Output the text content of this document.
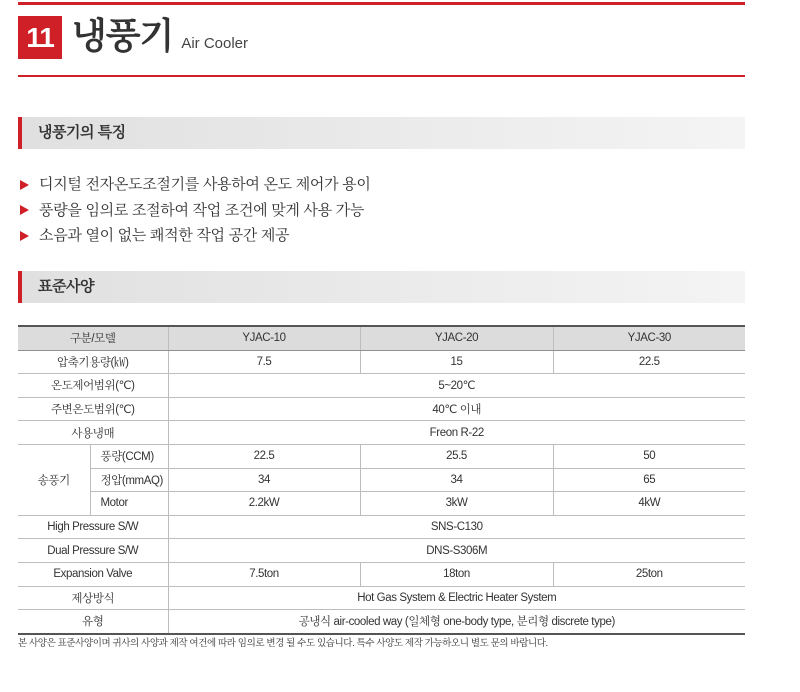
11 냉풍기 Air Cooler
냉풍기의 특징
디지털 전자온도조절기를 사용하여 온도 제어가 용이
풍량을 임의로 조절하여 작업 조건에 맞게 사용 가능
소음과 열이 없는 쾌적한 작업 공간 제공
표준사양
구분/모델		YJAC-10	YJAC-20	YJAC-30
압축기용량(㎾)		7.5	15	22.5
온도제어범위(℃)		5~20℃		
주변온도범위(℃)		40℃ 이내		
사용냉매		Freon R-22		
송풍기	풍량(CCM)	22.5	25.5	50
	정압(mmAQ)	34	34	65
	Motor	2.2kW	3kW	4kW
High Pressure S/W		SNS-C130		
Dual Pressure S/W		DNS-S306M		
Expansion Valve		7.5ton	18ton	25ton
제상방식		Hot Gas System & Electric Heater System		
유형		공냉식 air-cooled way (일체형 one-body type, 분리형 discrete type)		
본 사양은 표준사양이며 귀사의 사양과 제작 여건에 따라 임의로 변경 될 수도 있습니다. 특수 사양도 제작 가능하오니 별도 문의 바랍니다.
